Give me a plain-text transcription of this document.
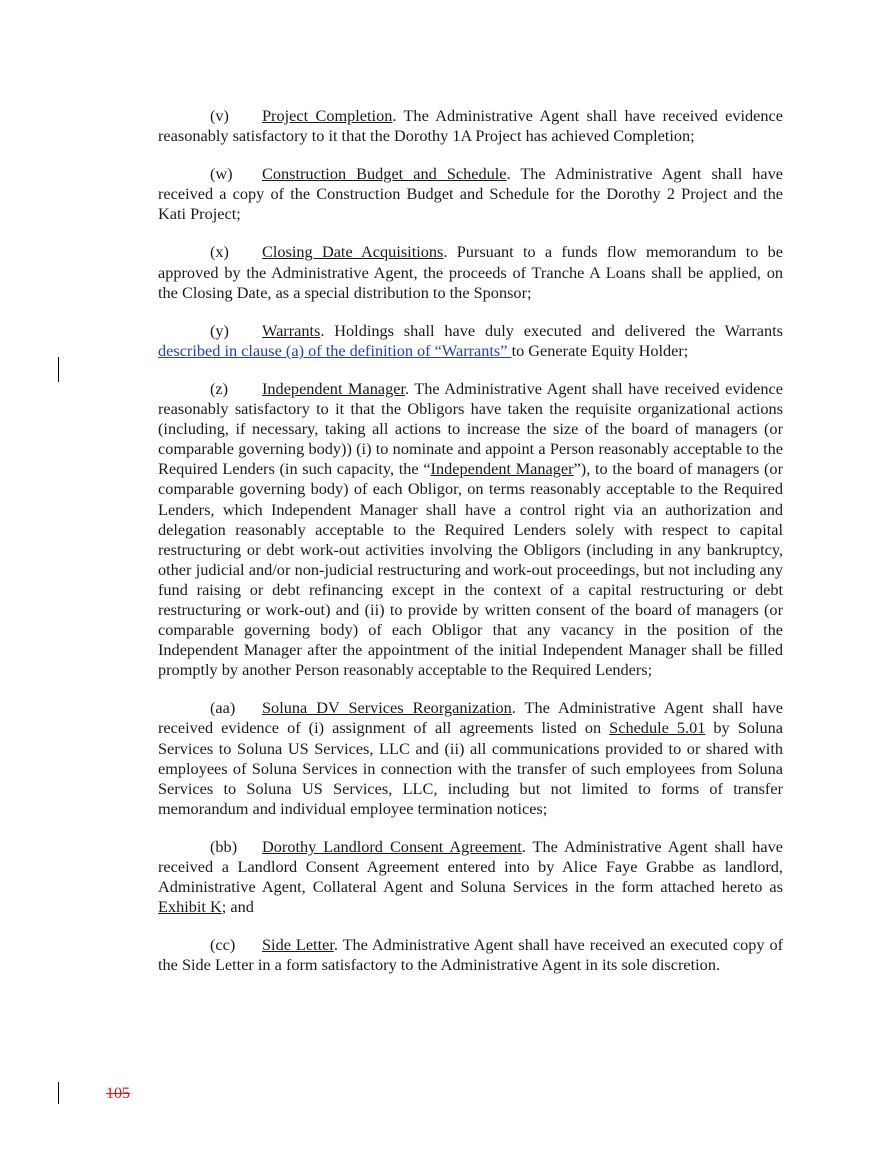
(v) Project Completion. The Administrative Agent shall have received evidence reasonably satisfactory to it that the Dorothy 1A Project has achieved Completion;

(w) Construction Budget and Schedule. The Administrative Agent shall have received a copy of the Construction Budget and Schedule for the Dorothy 2 Project and the Kati Project;

(x) Closing Date Acquisitions. Pursuant to a funds flow memorandum to be approved by the Administrative Agent, the proceeds of Tranche A Loans shall be applied, on the Closing Date, as a special distribution to the Sponsor;

(y) Warrants. Holdings shall have duly executed and delivered the Warrants described in clause (a) of the definition of “Warrants” to Generate Equity Holder;

(z) Independent Manager. The Administrative Agent shall have received evidence reasonably satisfactory to it that the Obligors have taken the requisite organizational actions (including, if necessary, taking all actions to increase the size of the board of managers (or comparable governing body)) (i) to nominate and appoint a Person reasonably acceptable to the Required Lenders (in such capacity, the “Independent Manager”), to the board of managers (or comparable governing body) of each Obligor, on terms reasonably acceptable to the Required Lenders, which Independent Manager shall have a control right via an authorization and delegation reasonably acceptable to the Required Lenders solely with respect to capital restructuring or debt work-out activities involving the Obligors (including in any bankruptcy, other judicial and/or non-judicial restructuring and work-out proceedings, but not including any fund raising or debt refinancing except in the context of a capital restructuring or debt restructuring or work-out) and (ii) to provide by written consent of the board of managers (or comparable governing body) of each Obligor that any vacancy in the position of the Independent Manager after the appointment of the initial Independent Manager shall be filled promptly by another Person reasonably acceptable to the Required Lenders;

(aa) Soluna DV Services Reorganization. The Administrative Agent shall have received evidence of (i) assignment of all agreements listed on Schedule 5.01 by Soluna Services to Soluna US Services, LLC and (ii) all communications provided to or shared with employees of Soluna Services in connection with the transfer of such employees from Soluna Services to Soluna US Services, LLC, including but not limited to forms of transfer memorandum and individual employee termination notices;

(bb) Dorothy Landlord Consent Agreement. The Administrative Agent shall have received a Landlord Consent Agreement entered into by Alice Faye Grabbe as landlord, Administrative Agent, Collateral Agent and Soluna Services in the form attached hereto as Exhibit K; and

(cc) Side Letter. The Administrative Agent shall have received an executed copy of the Side Letter in a form satisfactory to the Administrative Agent in its sole discretion.

105
